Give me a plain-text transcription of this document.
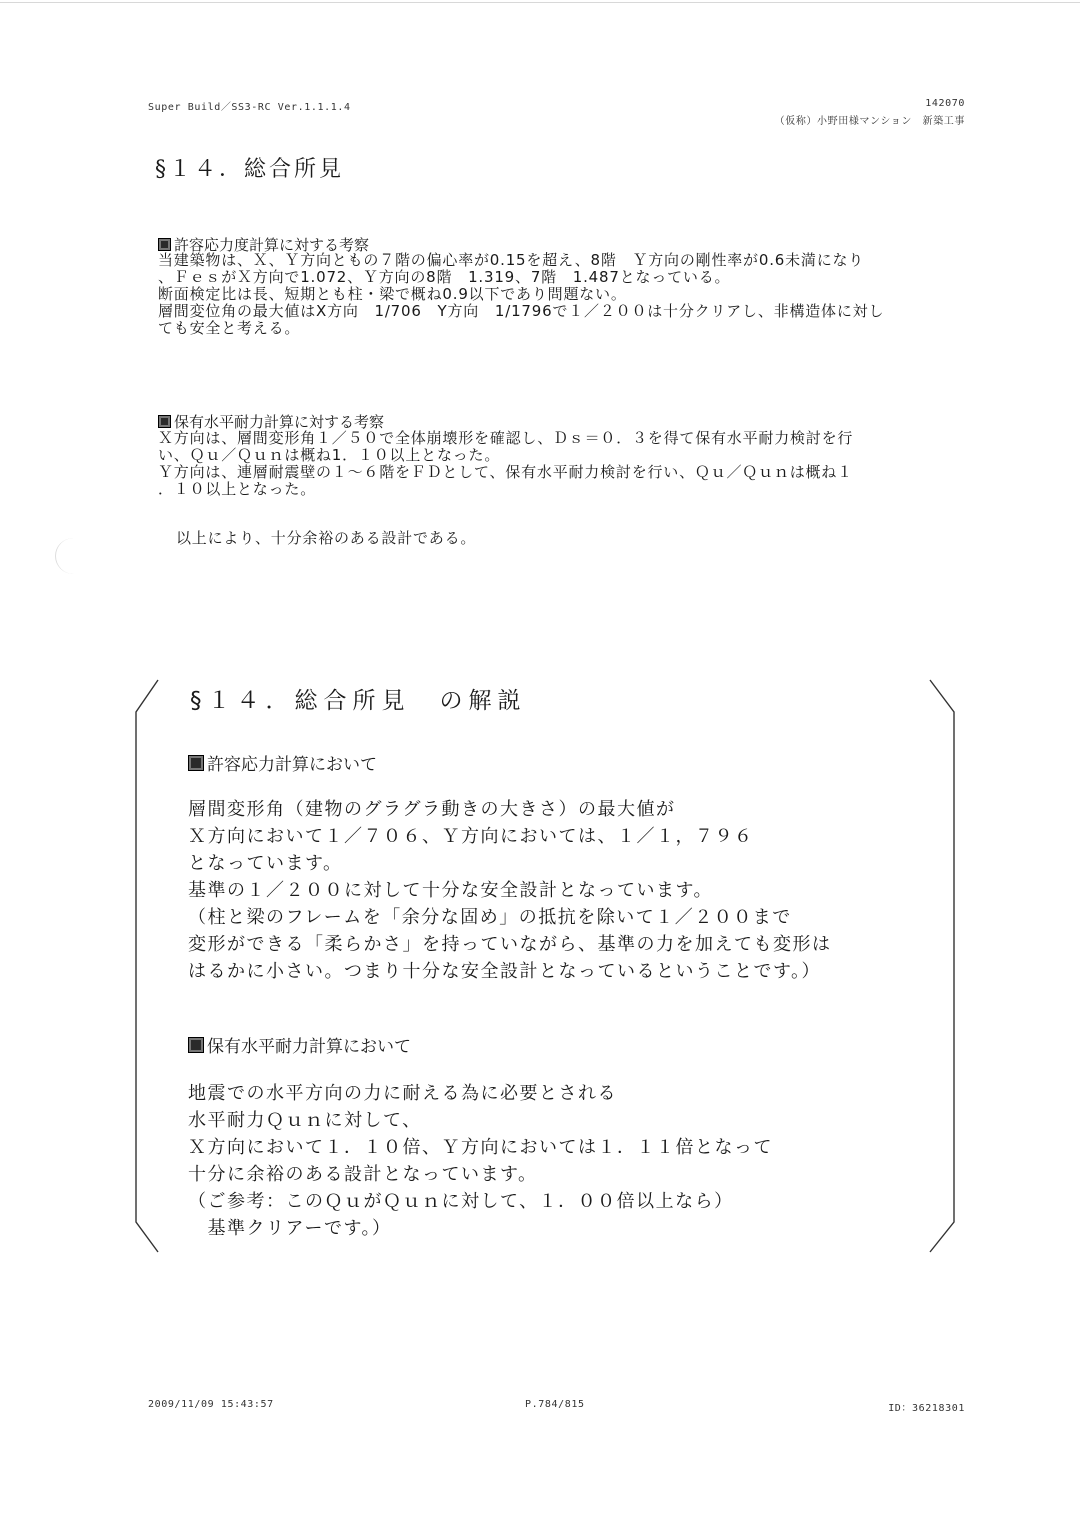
Super Build／SS3-RC Ver.1.1.1.4	142070
（仮称）小野田様マンション　新築工事
§１４．総合所見
許容応力度計算に対する考察
当建築物は、Ｘ、Ｙ方向ともの７階の偏心率が0.15を超え、8階　Ｙ方向の剛性率が0.6未満になり
、ＦｅｓがＸ方向で1.072、Ｙ方向の8階　1.319、7階　1.487となっている。
断面検定比は長、短期とも柱・梁で概ね0.9以下であり問題ない。
層間変位角の最大値はX方向　1/706　Y方向　1/1796で１／２００は十分クリアし、非構造体に対し
ても安全と考える。
保有水平耐力計算に対する考察
Ｘ方向は、層間変形角１／５０で全体崩壊形を確認し、Ｄｓ＝０．３を得て保有水平耐力検討を行
い、Ｑｕ／Ｑｕｎは概ね1．１０以上となった。
Ｙ方向は、連層耐震壁の１～６階をＦＤとして、保有水平耐力検討を行い、Ｑｕ／Ｑｕｎは概ね１
．１０以上となった。
以上により、十分余裕のある設計である。
§１４．総合所見　の解説
許容応力計算において
層間変形角（建物のグラグラ動きの大きさ）の最大値が
Ｘ方向において１／７０６、Ｙ方向においては、１／１，７９６
となっています。
基準の１／２００に対して十分な安全設計となっています。
（柱と梁のフレームを「余分な固め」の抵抗を除いて１／２００まで
変形ができる「柔らかさ」を持っていながら、基準の力を加えても変形は
はるかに小さい。つまり十分な安全設計となっているということです。）
保有水平耐力計算において
地震での水平方向の力に耐える為に必要とされる
水平耐力Ｑｕｎに対して、
Ｘ方向において１．１０倍、Ｙ方向においては１．１１倍となって
十分に余裕のある設計となっています。
（ご参考：このＱｕがＱｕｎに対して、１．００倍以上なら）
　基準クリアーです。）
2009/11/09 15:43:57	P.784/815	ID：36218301
